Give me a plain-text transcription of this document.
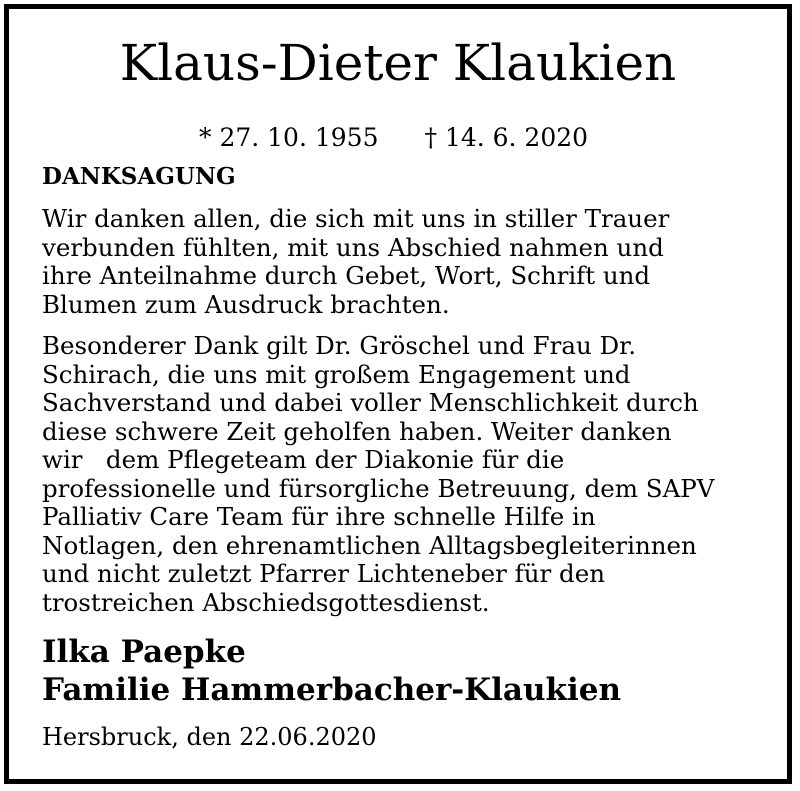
Klaus-Dieter Klaukien
* 27. 10. 1955 † 14. 6. 2020
DANKSAGUNG
Wir danken allen, die sich mit uns in stiller Trauer
verbunden fühlten, mit uns Abschied nahmen und
ihre Anteilnahme durch Gebet, Wort, Schrift und
Blumen zum Ausdruck brachten.
Besonderer Dank gilt Dr. Gröschel und Frau Dr.
Schirach, die uns mit großem Engagement und
Sachverstand und dabei voller Menschlichkeit durch
diese schwere Zeit geholfen haben. Weiter danken
wir   dem Pflegeteam der Diakonie für die
professionelle und fürsorgliche Betreuung, dem SAPV
Palliativ Care Team für ihre schnelle Hilfe in
Notlagen, den ehrenamtlichen Alltagsbegleiterinnen
und nicht zuletzt Pfarrer Lichteneber für den
trostreichen Abschiedsgottesdienst.
Ilka Paepke
Familie Hammerbacher-Klaukien
Hersbruck, den 22.06.2020
